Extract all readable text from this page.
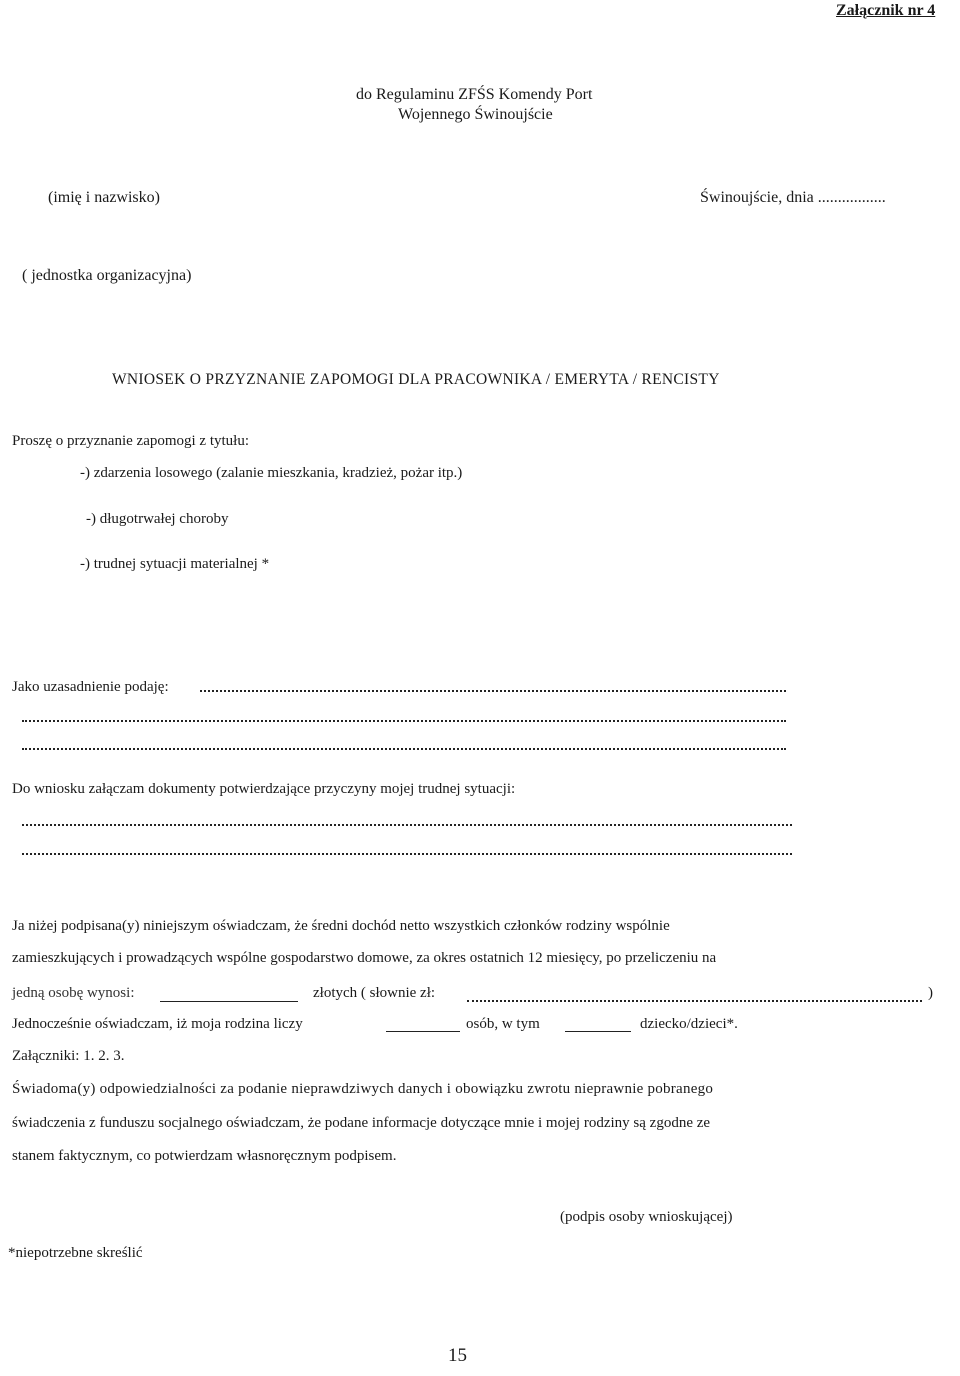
Załącznik nr 4
do Regulaminu ZFŚS Komendy Port
Wojennego Świnoujście
(imię i nazwisko)	Świnoujście, dnia .................
( jednostka organizacyjna)
WNIOSEK O PRZYZNANIE ZAPOMOGI DLA PRACOWNIKA / EMERYTA / RENCISTY
Proszę o przyznanie zapomogi z tytułu:
-) zdarzenia losowego (zalanie mieszkania, kradzież, pożar itp.)
-) długotrwałej choroby
-) trudnej sytuacji materialnej *
Jako uzasadnienie podaję:
Do wniosku załączam dokumenty potwierdzające przyczyny mojej trudnej sytuacji:
Ja niżej podpisana(y) niniejszym oświadczam, że średni dochód netto wszystkich członków rodziny wspólnie
zamieszkujących i prowadzących wspólne gospodarstwo domowe, za okres ostatnich 12 miesięcy, po przeliczeniu na
jedną osobę wynosi:	złotych ( słownie zł:	)
Jednocześnie oświadczam, iż moja rodzina liczy	osób, w tym	dziecko/dzieci*.
Załączniki: 1. 2. 3.
Świadoma(y) odpowiedzialności za podanie nieprawdziwych danych i obowiązku zwrotu nieprawnie pobranego
świadczenia z funduszu socjalnego oświadczam, że podane informacje dotyczące mnie i mojej rodziny są zgodne ze
stanem faktycznym, co potwierdzam własnoręcznym podpisem.
(podpis osoby wnioskującej)
*niepotrzebne skreślić
15
